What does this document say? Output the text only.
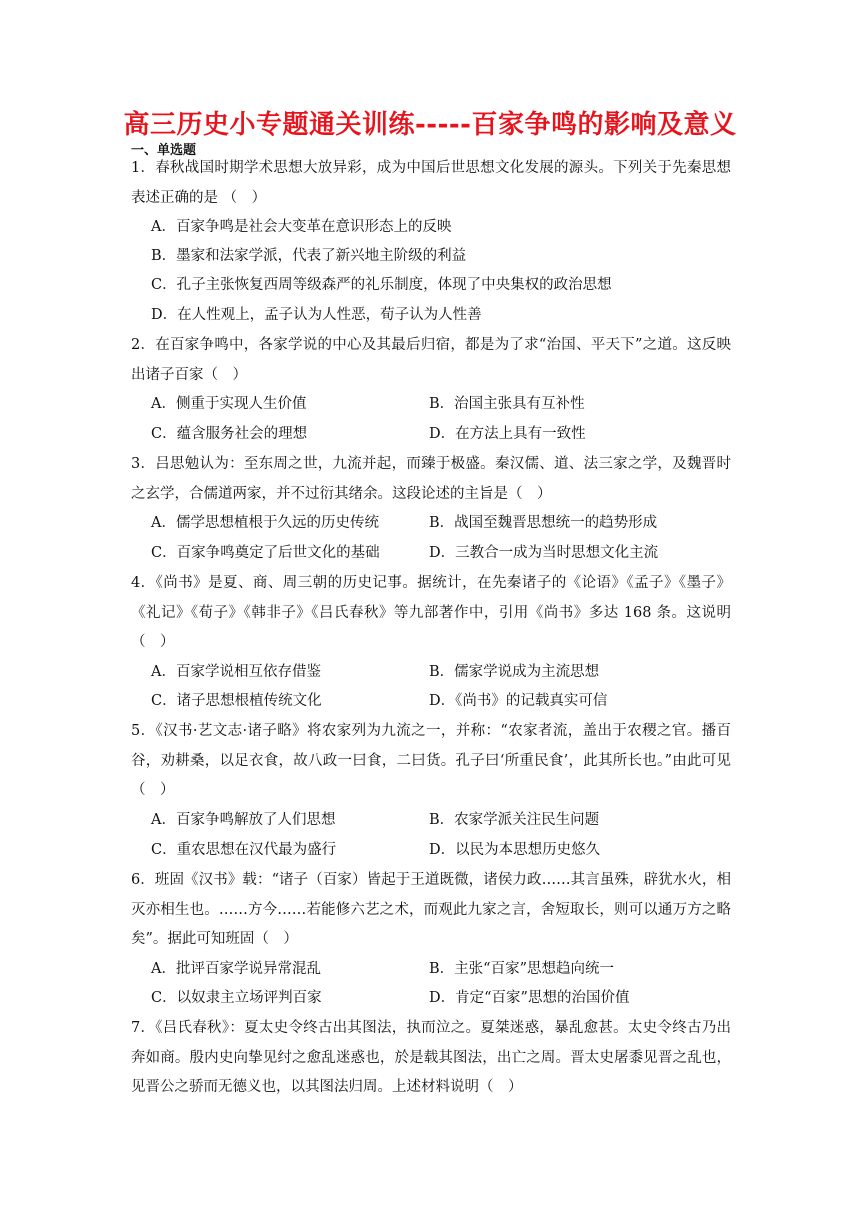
高三历史小专题通关训练-----百家争鸣的影响及意义
一、单选题
1．春秋战国时期学术思想大放异彩，成为中国后世思想文化发展的源头。下列关于先秦思想表述正确的是 （　）
A．百家争鸣是社会大变革在意识形态上的反映
B．墨家和法家学派，代表了新兴地主阶级的利益
C．孔子主张恢复西周等级森严的礼乐制度，体现了中央集权的政治思想
D．在人性观上，孟子认为人性恶，荀子认为人性善
2．在百家争鸣中，各家学说的中心及其最后归宿，都是为了求“治国、平天下”之道。这反映出诸子百家（　）
A．侧重于实现人生价值	B．治国主张具有互补性
C．蕴含服务社会的理想	D．在方法上具有一致性
3．吕思勉认为：至东周之世，九流并起，而臻于极盛。秦汉儒、道、法三家之学，及魏晋时之玄学，合儒道两家，并不过衍其绪余。这段论述的主旨是（　）
A．儒学思想植根于久远的历史传统	B．战国至魏晋思想统一的趋势形成
C．百家争鸣奠定了后世文化的基础	D．三教合一成为当时思想文化主流
4．《尚书》是夏、商、周三朝的历史记事。据统计，在先秦诸子的《论语》《孟子》《墨子》《礼记》《荀子》《韩非子》《吕氏春秋》等九部著作中，引用《尚书》多达 168 条。这说明（　）
A．百家学说相互依存借鉴	B．儒家学说成为主流思想
C．诸子思想根植传统文化	D．《尚书》的记载真实可信
5．《汉书·艺文志·诸子略》将农家列为九流之一，并称：“农家者流，盖出于农稷之官。播百谷，劝耕桑，以足衣食，故八政一曰食，二曰货。孔子曰‘所重民食’，此其所长也。”由此可见（　）
A．百家争鸣解放了人们思想	B．农家学派关注民生问题
C．重农思想在汉代最为盛行	D．以民为本思想历史悠久
6．班固《汉书》载：“诸子（百家）皆起于王道既微，诸侯力政……其言虽殊，辟犹水火，相灭亦相生也。……方今……若能修六艺之术，而观此九家之言，舍短取长，则可以通万方之略矣”。据此可知班固（　）
A．批评百家学说异常混乱	B．主张“百家”思想趋向统一
C．以奴隶主立场评判百家	D．肯定“百家”思想的治国价值
7．《吕氏春秋》：夏太史令终古出其图法，执而泣之。夏桀迷惑，暴乱愈甚。太史令终古乃出奔如商。殷内史向挚见纣之愈乱迷惑也，於是载其图法，出亡之周。晋太史屠黍见晋之乱也，见晋公之骄而无德义也，以其图法归周。上述材料说明（　）
